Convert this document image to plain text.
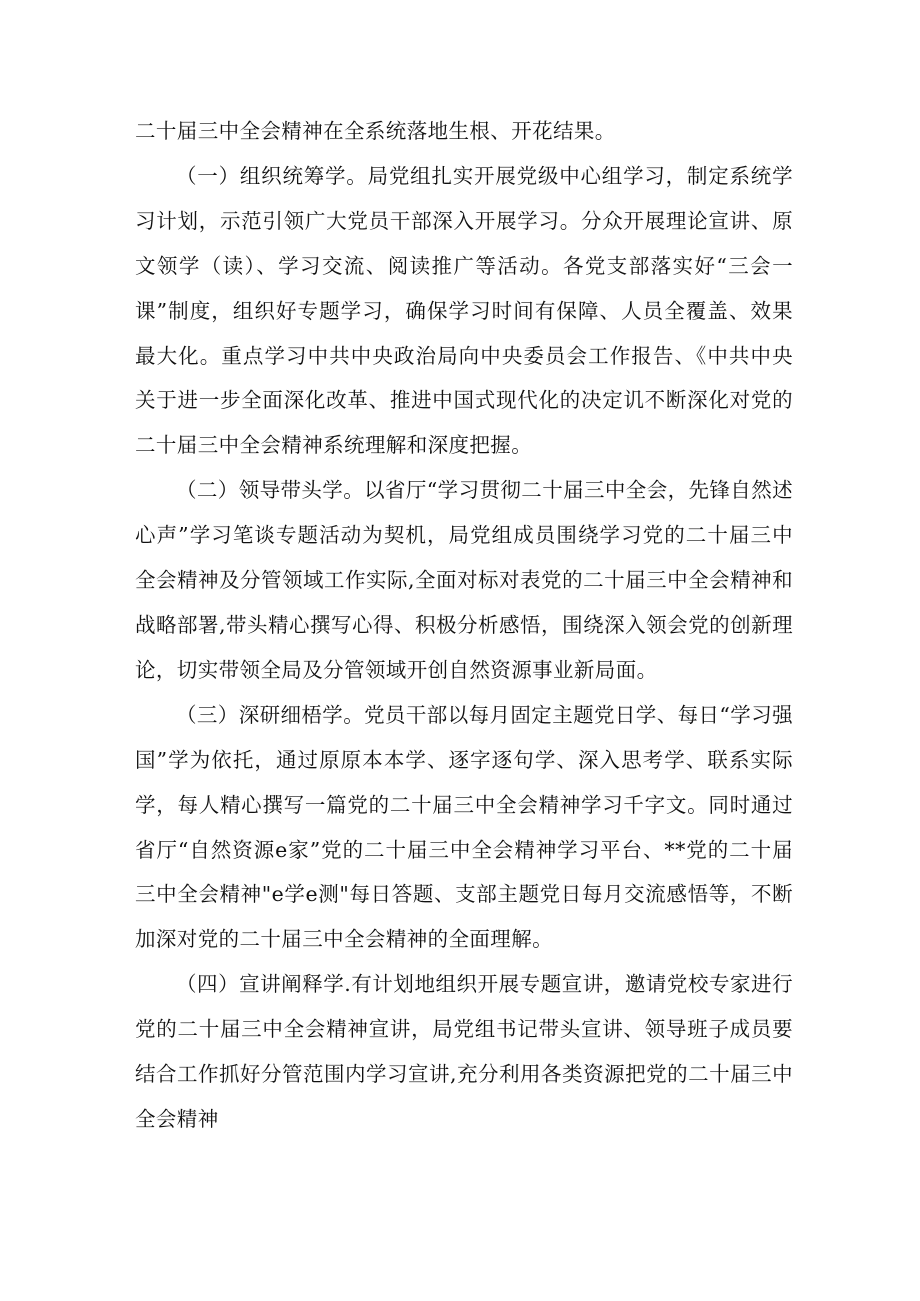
二十届三中全会精神在全系统落地生根、开花结果。

（一）组织统筹学。局党组扎实开展党级中心组学习，制定系统学习计划，示范引领广大党员干部深入开展学习。分众开展理论宣讲、原文领学（读）、学习交流、阅读推广等活动。各党支部落实好“三会一课”制度，组织好专题学习，确保学习时间有保障、人员全覆盖、效果最大化。重点学习中共中央政治局向中央委员会工作报告、《中共中央关于进一步全面深化改革、推进中国式现代化的决定讥不断深化对党的二十届三中全会精神系统理解和深度把握。

（二）领导带头学。以省厅“学习贯彻二十届三中全会，先锋自然述心声”学习笔谈专题活动为契机，局党组成员围绕学习党的二十届三中全会精神及分管领域工作实际,全面对标对表党的二十届三中全会精神和战略部署,带头精心撰写心得、积极分析感悟，围绕深入领会党的创新理论，切实带领全局及分管领域开创自然资源事业新局面。

（三）深研细梧学。党员干部以每月固定主题党日学、每日“学习强国”学为依托，通过原原本本学、逐字逐句学、深入思考学、联系实际学，每人精心撰写一篇党的二十届三中全会精神学习千字文。同时通过省厅“自然资源e家”党的二十届三中全会精神学习平台、**党的二十届三中全会精神"e学e测"每日答题、支部主题党日每月交流感悟等，不断加深对党的二十届三中全会精神的全面理解。

（四）宣讲阐释学.有计划地组织开展专题宣讲，邀请党校专家进行党的二十届三中全会精神宣讲，局党组书记带头宣讲、领导班子成员要结合工作抓好分管范围内学习宣讲,充分利用各类资源把党的二十届三中全会精神
